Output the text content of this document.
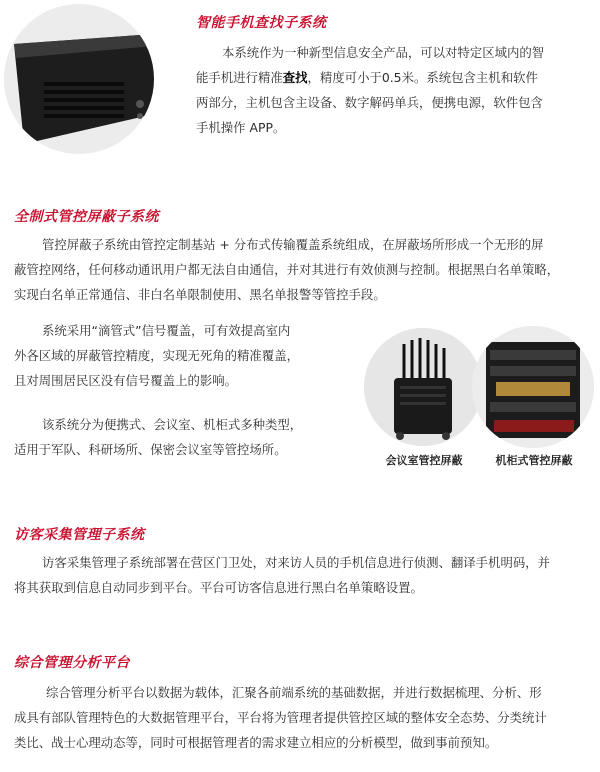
智能手机查找子系统
本系统作为一种新型信息安全产品，可以对特定区域内的智
能手机进行精准查找，精度可小于0.5米。系统包含主机和软件
两部分，主机包含主设备、数字解码单兵，便携电源，软件包含
手机操作 APP。
全制式管控屏蔽子系统
管控屏蔽子系统由管控定制基站 + 分布式传输覆盖系统组成，在屏蔽场所形成一个无形的屏
蔽管控网络，任何移动通讯用户都无法自由通信，并对其进行有效侦测与控制。根据黑白名单策略，
实现白名单正常通信、非白名单限制使用、黑名单报警等管控手段。
系统采用“滴管式”信号覆盖，可有效提高室内
外各区域的屏蔽管控精度，实现无死角的精准覆盖，
且对周围居民区没有信号覆盖上的影响。
该系统分为便携式、会议室、机柜式多种类型，
适用于军队、科研场所、保密会议室等管控场所。
会议室管控屏蔽	机柜式管控屏蔽
访客采集管理子系统
访客采集管理子系统部署在营区门卫处，对来访人员的手机信息进行侦测、翻译手机明码，并
将其获取到信息自动同步到平台。平台可访客信息进行黑白名单策略设置。
综合管理分析平台
综合管理分析平台以数据为载体，汇聚各前端系统的基础数据，并进行数据梳理、分析、形
成具有部队管理特色的大数据管理平台，平台将为管理者提供管控区域的整体安全态势、分类统计
类比、战士心理动态等，同时可根据管理者的需求建立相应的分析模型，做到事前预知。
